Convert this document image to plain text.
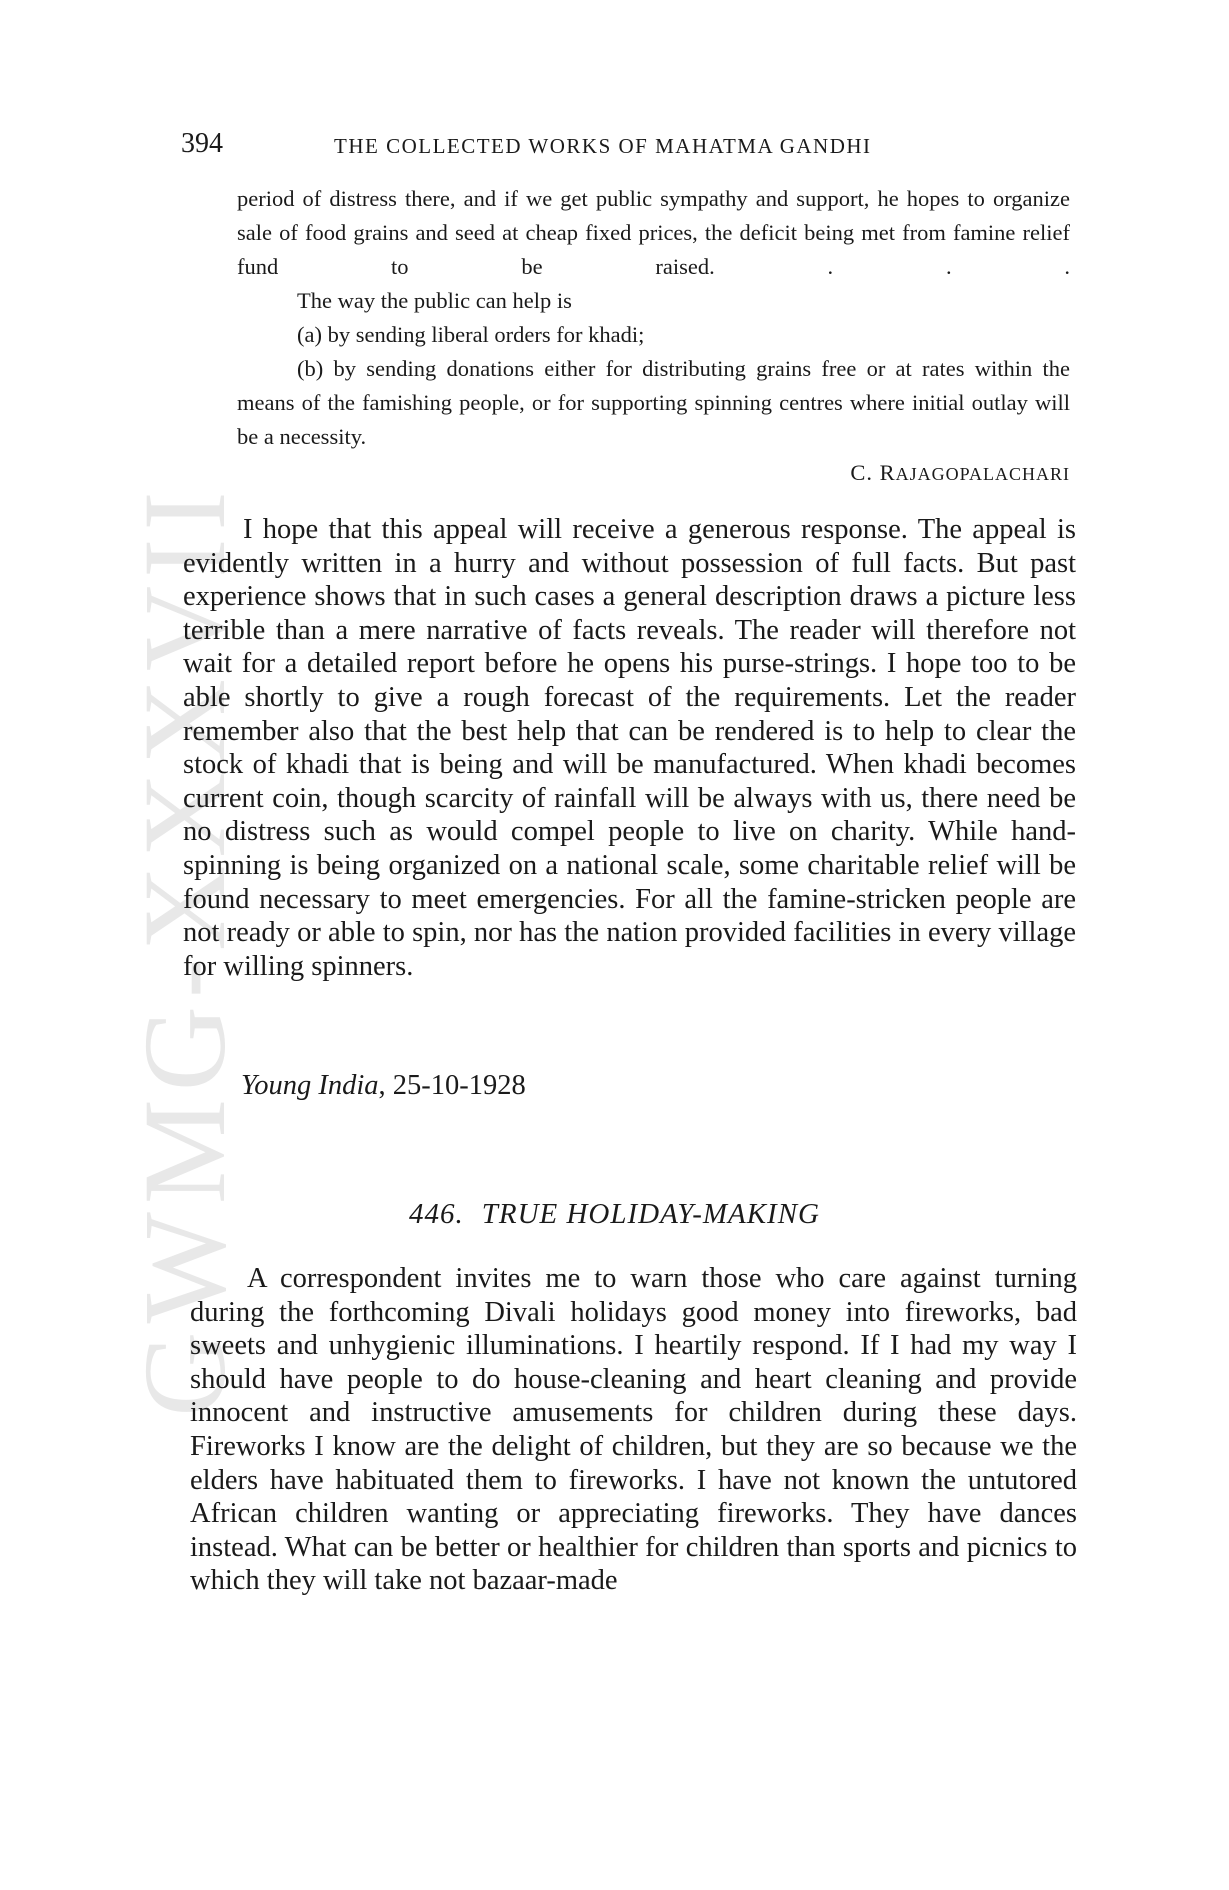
GWMG-XXXVII
394	THE COLLECTED WORKS OF MAHATMA GANDHI

period of distress there, and if we get public sympathy and support, he hopes to organize sale of food grains and seed at cheap fixed prices, the deficit being met from famine relief fund to be raised. . . .

The way the public can help is

(a) by sending liberal orders for khadi;

(b) by sending donations either for distributing grains free or at rates within the means of the famishing people, or for supporting spinning centres where initial outlay will be a necessity.

C. RAJAGOPALACHARI

I hope that this appeal will receive a generous response. The appeal is evidently written in a hurry and without possession of full facts. But past experience shows that in such cases a general description draws a picture less terrible than a mere narrative of facts reveals. The reader will therefore not wait for a detailed report before he opens his purse-strings. I hope too to be able shortly to give a rough forecast of the requirements. Let the reader remember also that the best help that can be rendered is to help to clear the stock of khadi that is being and will be manufactured. When khadi becomes current coin, though scarcity of rainfall will be always with us, there need be no distress such as would compel people to live on charity. While hand-spinning is being organized on a national scale, some charitable relief will be found necessary to meet emergencies. For all the famine-stricken people are not ready or able to spin, nor has the nation provided facilities in every village for willing spinners.

Young India, 25-10-1928
446. TRUE HOLIDAY-MAKING

A correspondent invites me to warn those who care against turning during the forthcoming Divali holidays good money into fireworks, bad sweets and unhygienic illuminations. I heartily respond. If I had my way I should have people to do house-cleaning and heart cleaning and provide innocent and instructive amusements for children during these days. Fireworks I know are the delight of children, but they are so because we the elders have habituated them to fireworks. I have not known the untutored African children wanting or appreciating fireworks. They have dances instead. What can be better or healthier for children than sports and picnics to which they will take not bazaar-made
